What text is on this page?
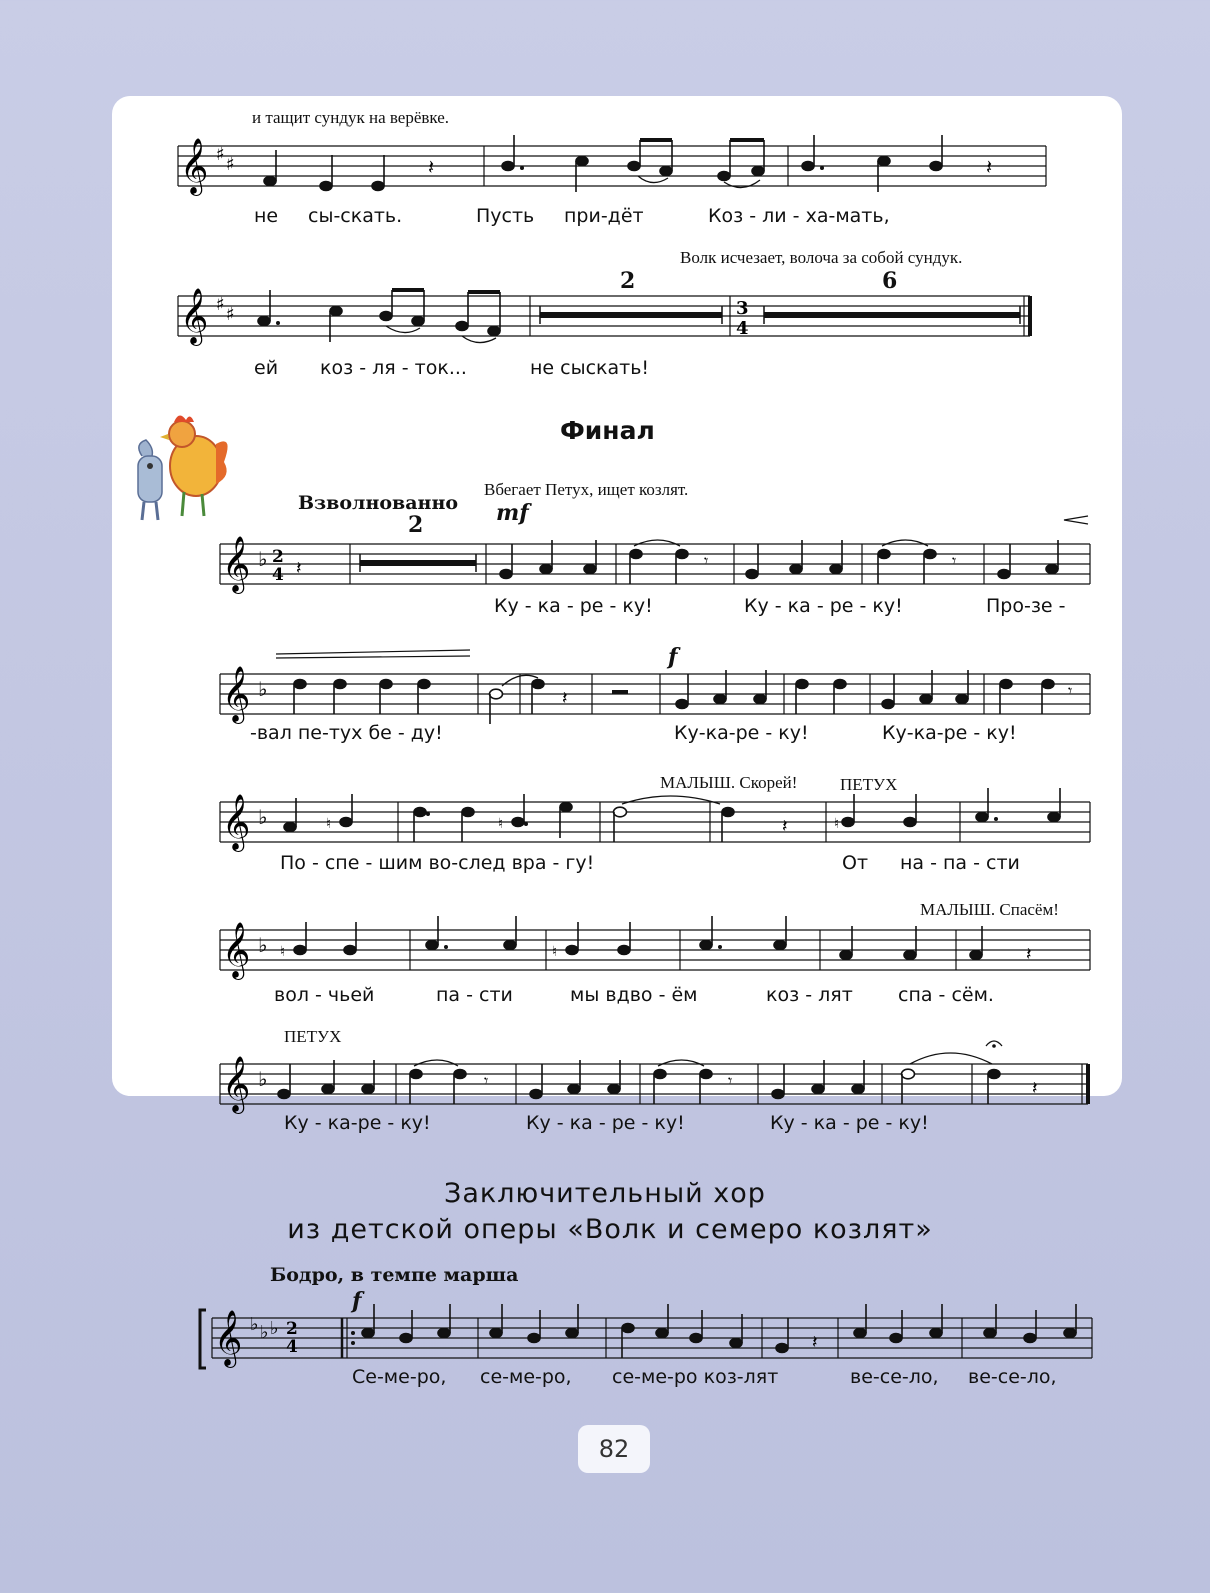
и тащит сундук на верёвке.
𝄞 ♯ ♯	𝄽	𝄽
не сы-скать.	Пусть при-дёт	Коз - ли - ха-мать,
Волк исчезает, волоча за собой сундук.
2	6
𝄞 ♯ ♯	3
4
ей коз - ля - ток...	не сыскать!
Финал
Взволнованно
Вбегает Петух, ищет козлят.
mf
2
𝄞 ♭ 2
4 𝄽	𝄾	𝄾
Ку - ка - ре - ку!	Ку - ка - ре - ку!	Про-зе -
f
𝄞 ♭	𝄽	𝄾
-вал пе-тух бе - ду!	Ку-ка-ре - ку!	Ку-ка-ре - ку!
МАЛЫШ. Скорей!	ПЕТУХ
𝄞 ♭	♮	♮	♮
𝄽
По - спе - шим во-след вра - гу!	От на - па - сти
МАЛЫШ. Спасём!
𝄞 ♭ ♮	♮	𝄽
вол - чьей	па - сти	мы вдво - ём	коз - лят спа - сём.
ПЕТУХ
𝄞 ♭	𝄾	𝄾	𝄽
Ку - ка-ре - ку!	Ку - ка - ре - ку!	Ку - ка - ре - ку!
Заключительный хор
из детской оперы «Волк и семеро козлят»
Бодро, в темпе марша
f
𝄞 ♭ ♭ ♭ 2
4	𝄽
Се-ме-ро, се-ме-ро, се-ме-ро коз-лят	ве-се-ло, ве-се-ло,
82
